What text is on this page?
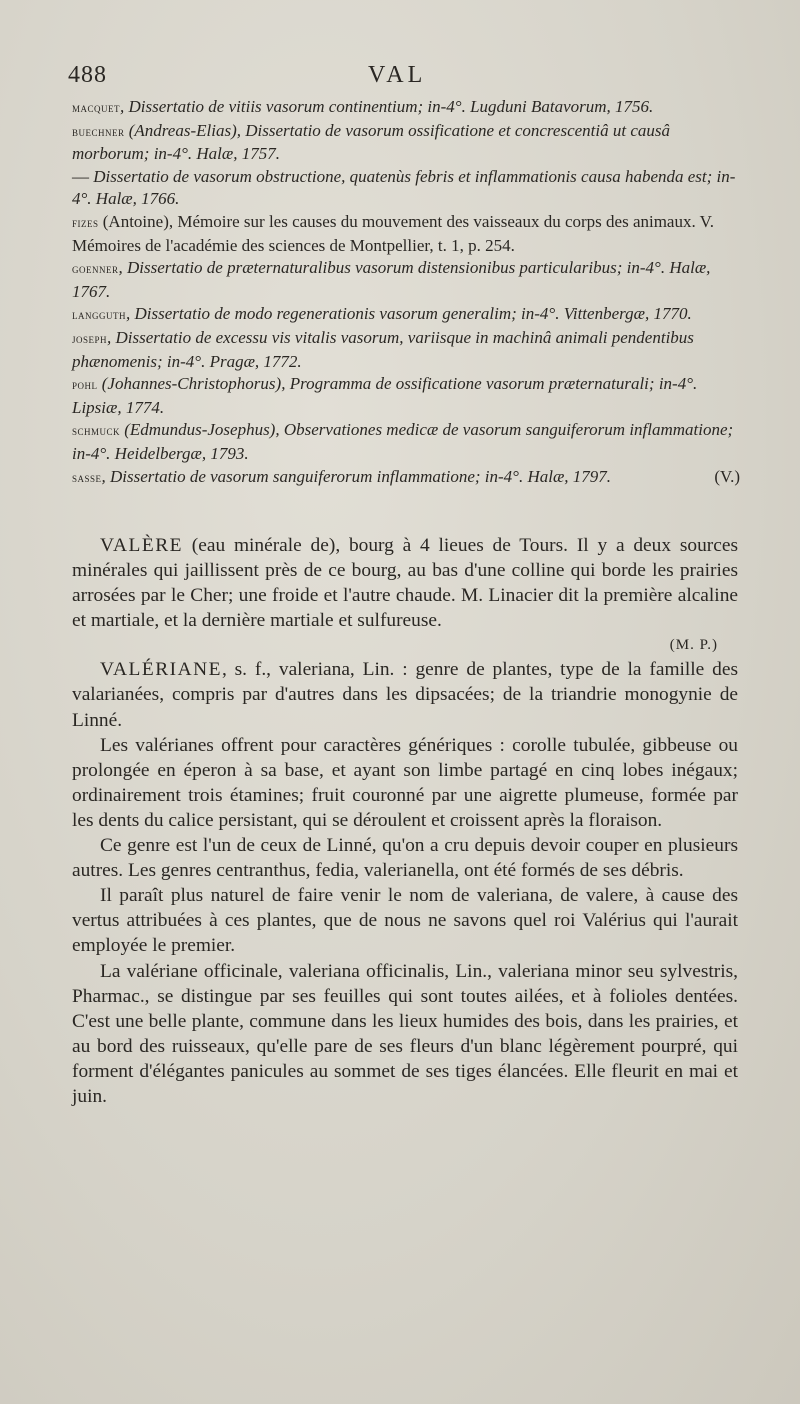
488	VAL
macquet, Dissertatio de vitiis vasorum continentium; in-4°. Lugduni Batavorum, 1756.
buechner (Andreas-Elias), Dissertatio de vasorum ossificatione et concrescentiâ ut causâ morborum; in-4°. Halæ, 1757.
— Dissertatio de vasorum obstructione, quatenùs febris et inflammationis causa habenda est; in-4°. Halæ, 1766.
fizes (Antoine), Mémoire sur les causes du mouvement des vaisseaux du corps des animaux. V. Mémoires de l'académie des sciences de Montpellier, t. 1, p. 254.
goenner, Dissertatio de præternaturalibus vasorum distensionibus particularibus; in-4°. Halæ, 1767.
langguth, Dissertatio de modo regenerationis vasorum generalim; in-4°. Vittenbergæ, 1770.
joseph, Dissertatio de excessu vis vitalis vasorum, variisque in machinâ animali pendentibus phænomenis; in-4°. Pragæ, 1772.
pohl (Johannes-Christophorus), Programma de ossificatione vasorum præternaturali; in-4°. Lipsiæ, 1774.
schmuck (Edmundus-Josephus), Observationes medicæ de vasorum sanguiferorum inflammatione; in-4°. Heidelbergæ, 1793.
sasse, Dissertatio de vasorum sanguiferorum inflammatione; in-4°. Halæ, 1797.	(V.)

VALÈRE (eau minérale de), bourg à 4 lieues de Tours. Il y a deux sources minérales qui jaillissent près de ce bourg, au bas d'une colline qui borde les prairies arrosées par le Cher; une froide et l'autre chaude. M. Linacier dit la première alcaline et martiale, et la dernière martiale et sulfureuse.

(M. P.)

VALÉRIANE, s. f., valeriana, Lin. : genre de plantes, type de la famille des valarianées, compris par d'autres dans les dipsacées; de la triandrie monogynie de Linné.

Les valérianes offrent pour caractères génériques : corolle tubulée, gibbeuse ou prolongée en éperon à sa base, et ayant son limbe partagé en cinq lobes inégaux; ordinairement trois étamines; fruit couronné par une aigrette plumeuse, formée par les dents du calice persistant, qui se déroulent et croissent après la floraison.

Ce genre est l'un de ceux de Linné, qu'on a cru depuis devoir couper en plusieurs autres. Les genres centranthus, fedia, valerianella, ont été formés de ses débris.

Il paraît plus naturel de faire venir le nom de valeriana, de valere, à cause des vertus attribuées à ces plantes, que de nous ne savons quel roi Valérius qui l'aurait employée le premier.

La valériane officinale, valeriana officinalis, Lin., valeriana minor seu sylvestris, Pharmac., se distingue par ses feuilles qui sont toutes ailées, et à folioles dentées. C'est une belle plante, commune dans les lieux humides des bois, dans les prairies, et au bord des ruisseaux, qu'elle pare de ses fleurs d'un blanc légèrement pourpré, qui forment d'élégantes panicules au sommet de ses tiges élancées. Elle fleurit en mai et juin.
